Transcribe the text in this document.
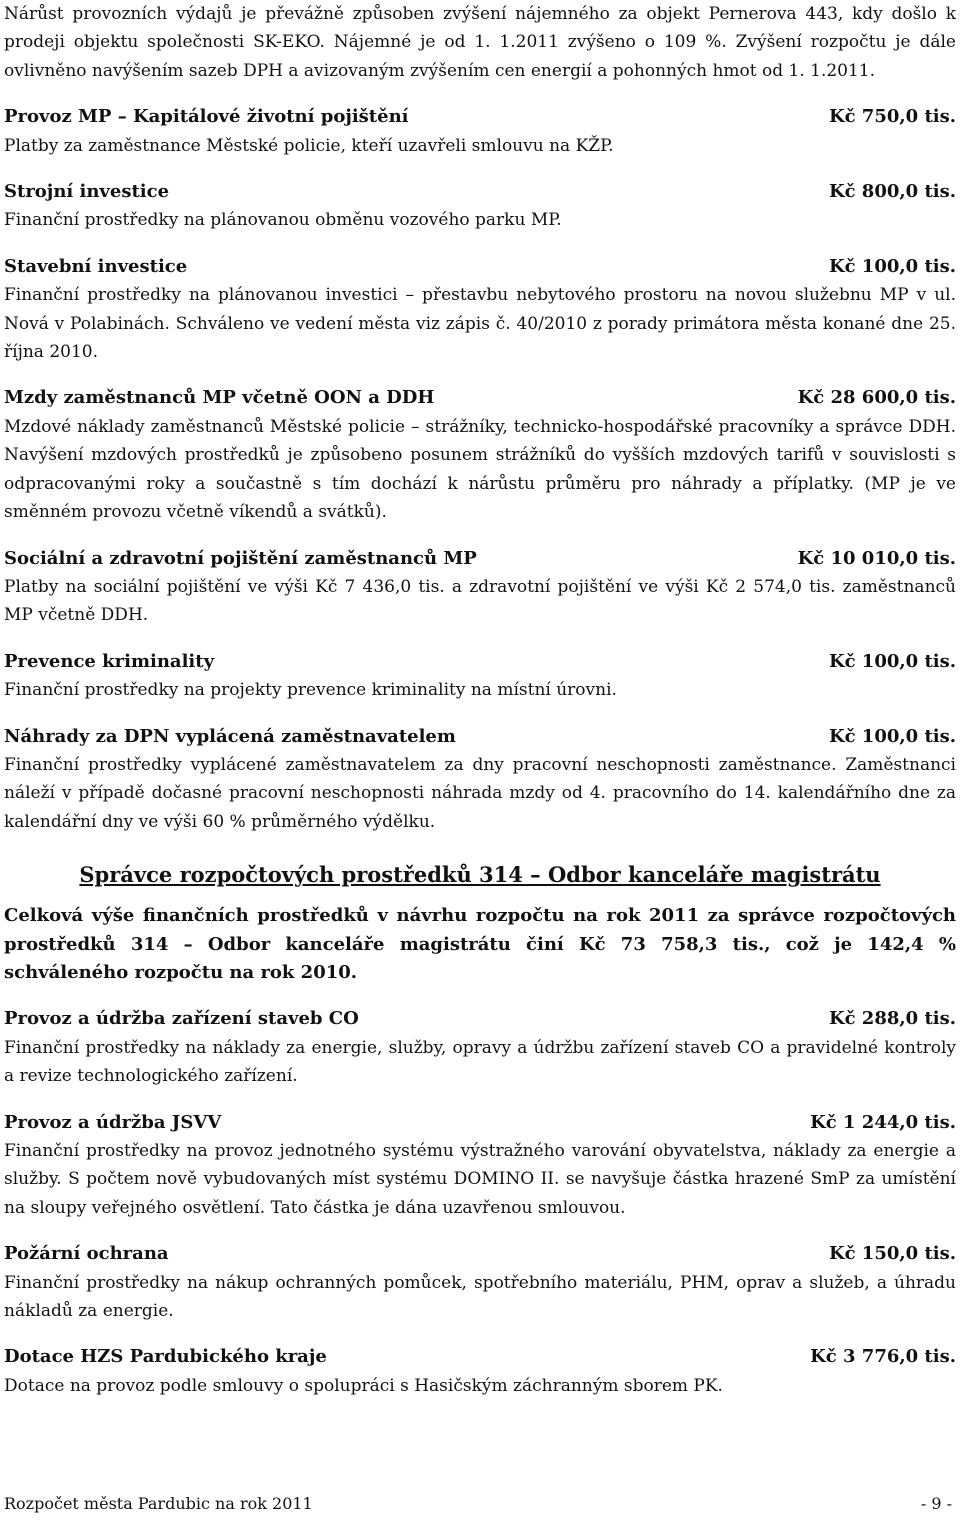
Nárůst provozních výdajů je převážně způsoben zvýšení nájemného za objekt Pernerova 443, kdy došlo k prodeji objektu společnosti SK-EKO. Nájemné je od 1. 1.2011 zvýšeno o 109 %. Zvýšení rozpočtu je dále ovlivněno navýšením sazeb DPH a avizovaným zvýšením cen energií a pohonných hmot od 1. 1.2011.

Provoz MP – Kapitálové životní pojištění	Kč 750,0 tis.

Platby za zaměstnance Městské policie, kteří uzavřeli smlouvu na KŽP.

Strojní investice	Kč 800,0 tis.

Finanční prostředky na plánovanou obměnu vozového parku MP.

Stavební investice	Kč 100,0 tis.

Finanční prostředky na plánovanou investici – přestavbu nebytového prostoru na novou služebnu MP v ul. Nová v Polabinách. Schváleno ve vedení města viz zápis č. 40/2010 z porady primátora města konané dne 25. října 2010.

Mzdy zaměstnanců MP včetně OON a DDH	Kč 28 600,0 tis.

Mzdové náklady zaměstnanců Městské policie – strážníky, technicko-hospodářské pracovníky a správce DDH. Navýšení mzdových prostředků je způsobeno posunem strážníků do vyšších mzdových tarifů v souvislosti s odpracovanými roky a součastně s tím dochází k nárůstu průměru pro náhrady a příplatky. (MP je ve směnném provozu včetně víkendů a svátků).

Sociální a zdravotní pojištění zaměstnanců MP	Kč 10 010,0 tis.

Platby na sociální pojištění ve výši Kč 7 436,0 tis. a zdravotní pojištění ve výši Kč 2 574,0 tis. zaměstnanců MP včetně DDH.

Prevence kriminality	Kč 100,0 tis.

Finanční prostředky na projekty prevence kriminality na místní úrovni.

Náhrady za DPN vyplácená zaměstnavatelem	Kč 100,0 tis.

Finanční prostředky vyplácené zaměstnavatelem za dny pracovní neschopnosti zaměstnance. Zaměstnanci náleží v případě dočasné pracovní neschopnosti náhrada mzdy od 4. pracovního do 14. kalendářního dne za kalendářní dny ve výši 60 % průměrného výdělku.

Správce rozpočtových prostředků 314 – Odbor kanceláře magistrátu

Celková výše finančních prostředků v návrhu rozpočtu na rok 2011 za správce rozpočtových prostředků 314 – Odbor kanceláře magistrátu činí Kč 73 758,3 tis., což je 142,4 % schváleného rozpočtu na rok 2010.

Provoz a údržba zařízení staveb CO	Kč 288,0 tis.

Finanční prostředky na náklady za energie, služby, opravy a údržbu zařízení staveb CO a pravidelné kontroly a revize technologického zařízení.

Provoz a údržba JSVV	Kč 1 244,0 tis.

Finanční prostředky na provoz jednotného systému výstražného varování obyvatelstva, náklady za energie a služby. S počtem nově vybudovaných míst systému DOMINO II. se navyšuje částka hrazené SmP za umístění na sloupy veřejného osvětlení. Tato částka je dána uzavřenou smlouvou.

Požární ochrana	Kč 150,0 tis.

Finanční prostředky na nákup ochranných pomůcek, spotřebního materiálu, PHM, oprav a služeb, a úhradu nákladů za energie.

Dotace HZS Pardubického kraje	Kč 3 776,0 tis.

Dotace na provoz podle smlouvy o spolupráci s Hasičským záchranným sborem PK.

Rozpočet města Pardubic na rok 2011	- 9 -
